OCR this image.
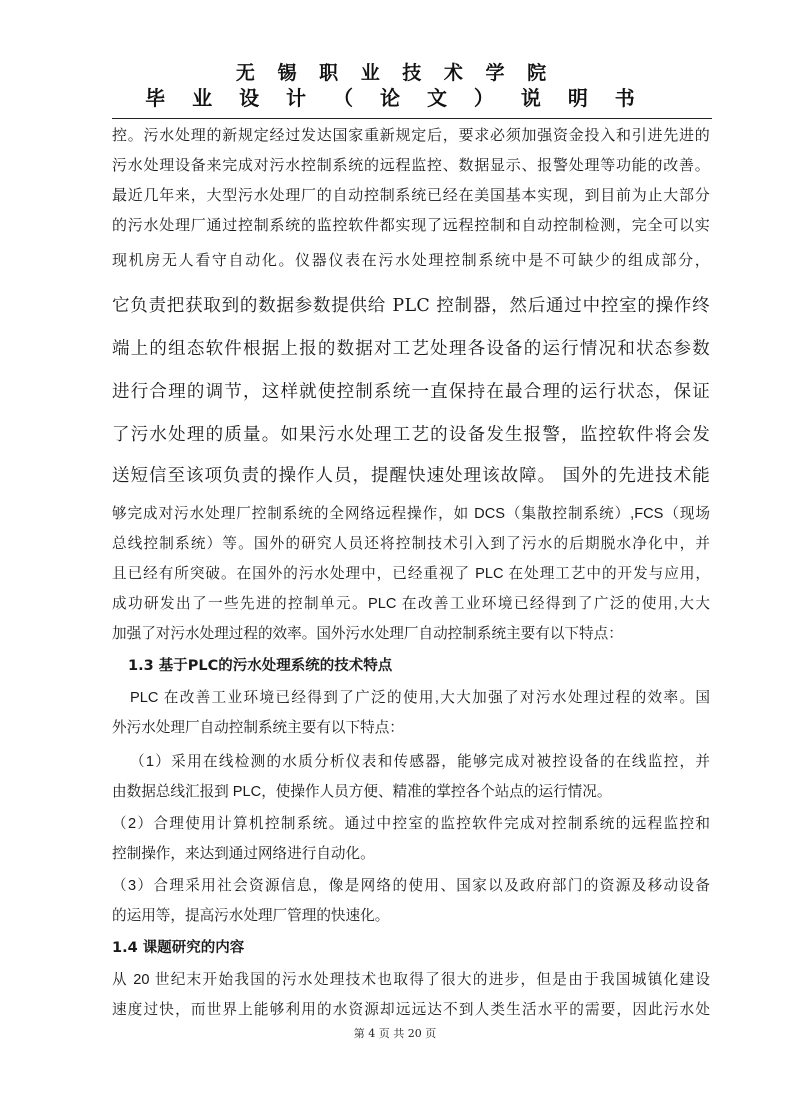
无 锡 职 业 技 术 学 院
毕 业 设 计 （ 论 文 ） 说 明 书
控。污水处理的新规定经过发达国家重新规定后，要求必须加强资金投入和引进先进的
污水处理设备来完成对污水控制系统的远程监控、数据显示、报警处理等功能的改善。
最近几年来，大型污水处理厂的自动控制系统已经在美国基本实现，到目前为止大部分
的污水处理厂通过控制系统的监控软件都实现了远程控制和自动控制检测，完全可以实
现机房无人看守自动化。仪器仪表在污水处理控制系统中是不可缺少的组成部分，
它负责把获取到的数据参数提供给 PLC 控制器，然后通过中控室的操作终
端上的组态软件根据上报的数据对工艺处理各设备的运行情况和状态参数
进行合理的调节，这样就使控制系统一直保持在最合理的运行状态，保证
了污水处理的质量。如果污水处理工艺的设备发生报警，监控软件将会发
送短信至该项负责的操作人员，提醒快速处理该故障。 国外的先进技术能
够完成对污水处理厂控制系统的全网络远程操作，如 DCS（集散控制系统）,FCS（现场
总线控制系统）等。国外的研究人员还将控制技术引入到了污水的后期脱水净化中，并
且已经有所突破。在国外的污水处理中，已经重视了 PLC 在处理工艺中的开发与应用，
成功研发出了一些先进的控制单元。PLC 在改善工业环境已经得到了广泛的使用,大大
加强了对污水处理过程的效率。国外污水处理厂自动控制系统主要有以下特点：
1.3 基于PLC的污水处理系统的技术特点
PLC 在改善工业环境已经得到了广泛的使用,大大加强了对污水处理过程的效率。国
外污水处理厂自动控制系统主要有以下特点：
（1）采用在线检测的水质分析仪表和传感器，能够完成对被控设备的在线监控，并
由数据总线汇报到 PLC，使操作人员方便、精准的掌控各个站点的运行情况。
（2）合理使用计算机控制系统。通过中控室的监控软件完成对控制系统的远程监控和
控制操作，来达到通过网络进行自动化。
（3）合理采用社会资源信息，像是网络的使用、国家以及政府部门的资源及移动设备
的运用等，提高污水处理厂管理的快速化。
1.4 课题研究的内容
从 20 世纪末开始我国的污水处理技术也取得了很大的进步，但是由于我国城镇化建设
速度过快，而世界上能够利用的水资源却远远达不到人类生活水平的需要，因此污水处
第 4 页 共 20 页
